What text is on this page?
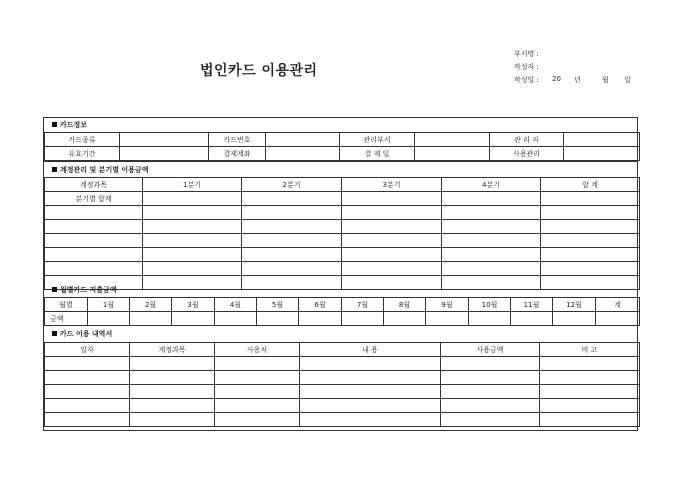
법인카드 이용관리
부서명 :
작성자 :
작성일 : 20 년	월 일
카드정보
카드종류		카드번호		관리부서		관 리 자	
유효기간		결제계좌		결 제 일		사용관리	
계정관리 및 분기별 이용금액
계정과목	1분기	2분기	3분기	4분기	합 계
분기별 합계					

월별카드 지출금액
월별	1월	2월	3월	4월	5월	6월	7월	8월	9월	10월	11월	12월	계
금액													
카드 이용 내역서
일자	계정과목	사용처	내 용	사용금액	비 고
